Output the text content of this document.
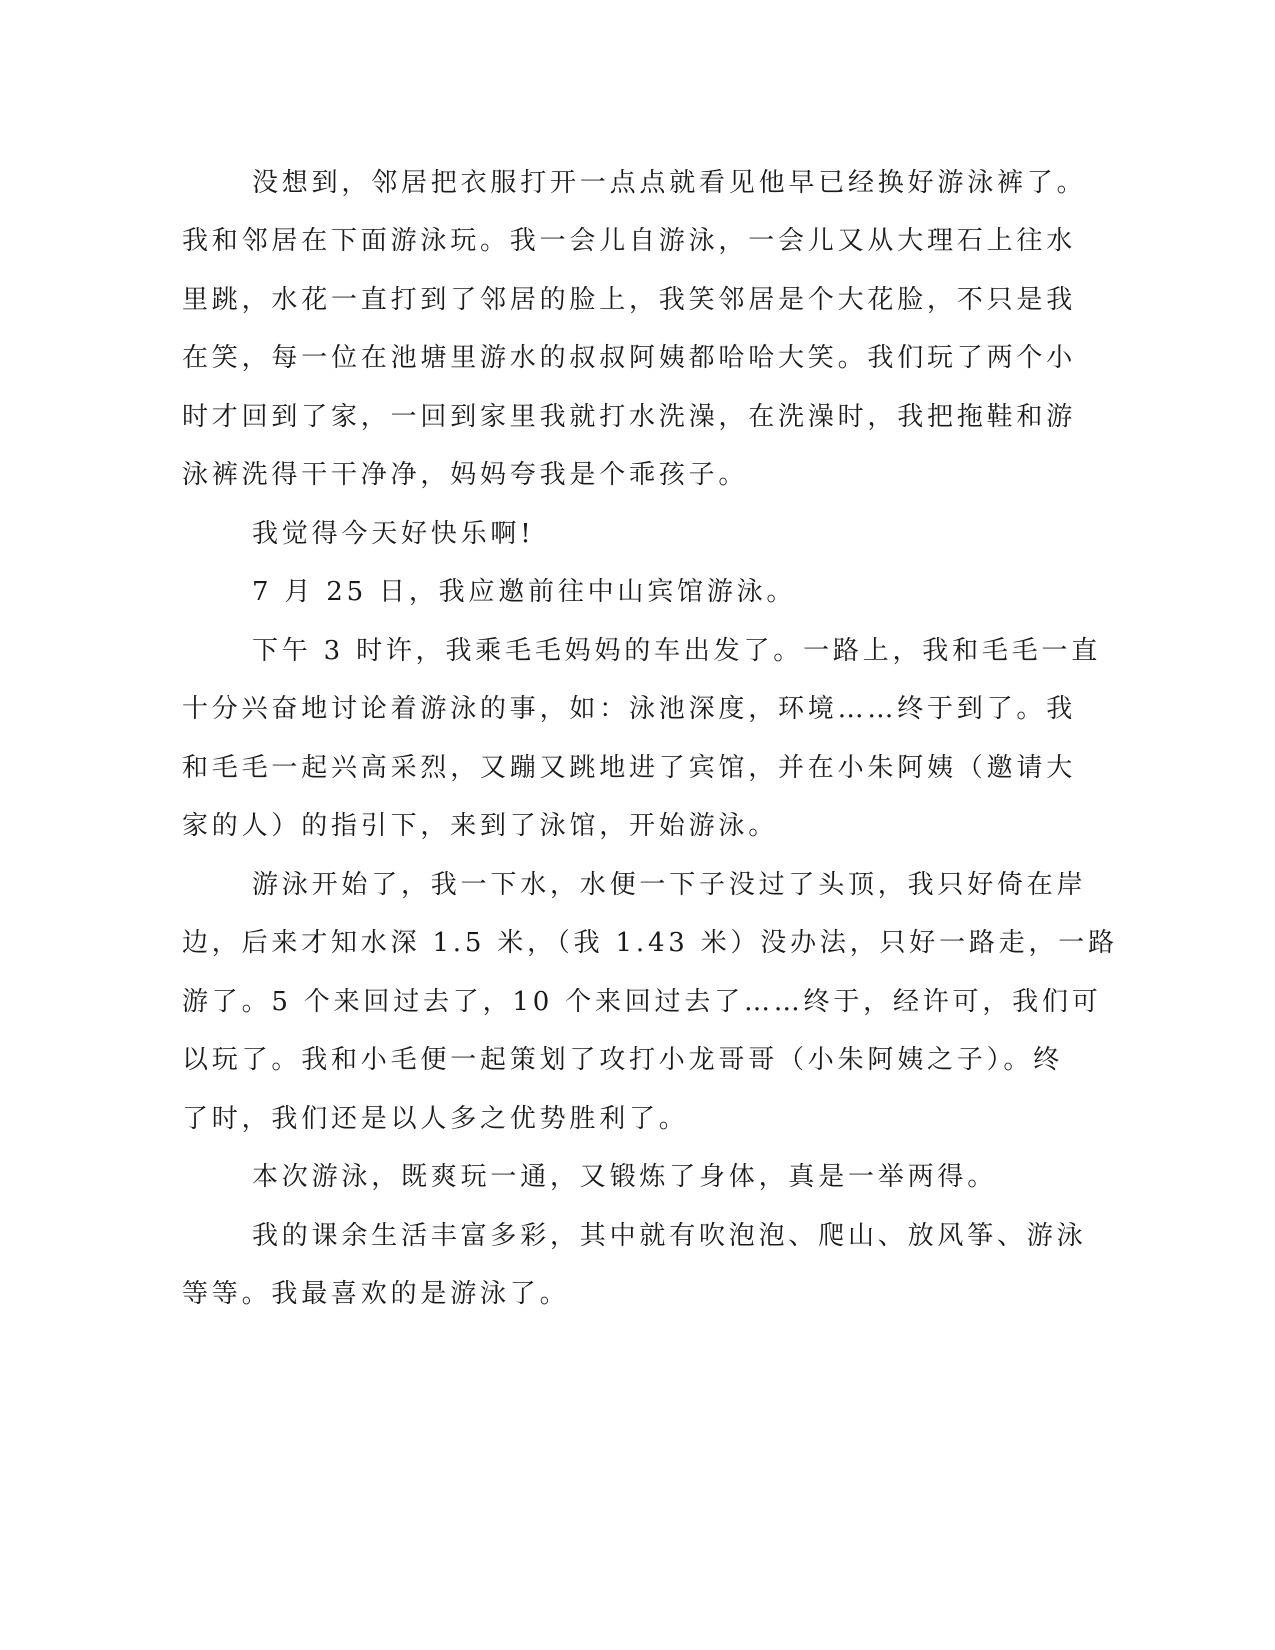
没想到，邻居把衣服打开一点点就看见他早已经换好游泳裤了。
我和邻居在下面游泳玩。我一会儿自游泳，一会儿又从大理石上往水
里跳，水花一直打到了邻居的脸上，我笑邻居是个大花脸，不只是我
在笑，每一位在池塘里游水的叔叔阿姨都哈哈大笑。我们玩了两个小
时才回到了家，一回到家里我就打水洗澡，在洗澡时，我把拖鞋和游
泳裤洗得干干净净，妈妈夸我是个乖孩子。
我觉得今天好快乐啊!
7 月 25 日，我应邀前往中山宾馆游泳。
下午 3 时许，我乘毛毛妈妈的车出发了。一路上，我和毛毛一直
十分兴奋地讨论着游泳的事，如：泳池深度，环境……终于到了。我
和毛毛一起兴高采烈，又蹦又跳地进了宾馆，并在小朱阿姨（邀请大
家的人）的指引下，来到了泳馆，开始游泳。
游泳开始了，我一下水，水便一下子没过了头顶，我只好倚在岸
边，后来才知水深 1.5 米，（我 1.43 米）没办法，只好一路走，一路
游了。5 个来回过去了，10 个来回过去了……终于，经许可，我们可
以玩了。我和小毛便一起策划了攻打小龙哥哥（小朱阿姨之子）。终
了时，我们还是以人多之优势胜利了。
本次游泳，既爽玩一通，又锻炼了身体，真是一举两得。
我的课余生活丰富多彩，其中就有吹泡泡、爬山、放风筝、游泳
等等。我最喜欢的是游泳了。
